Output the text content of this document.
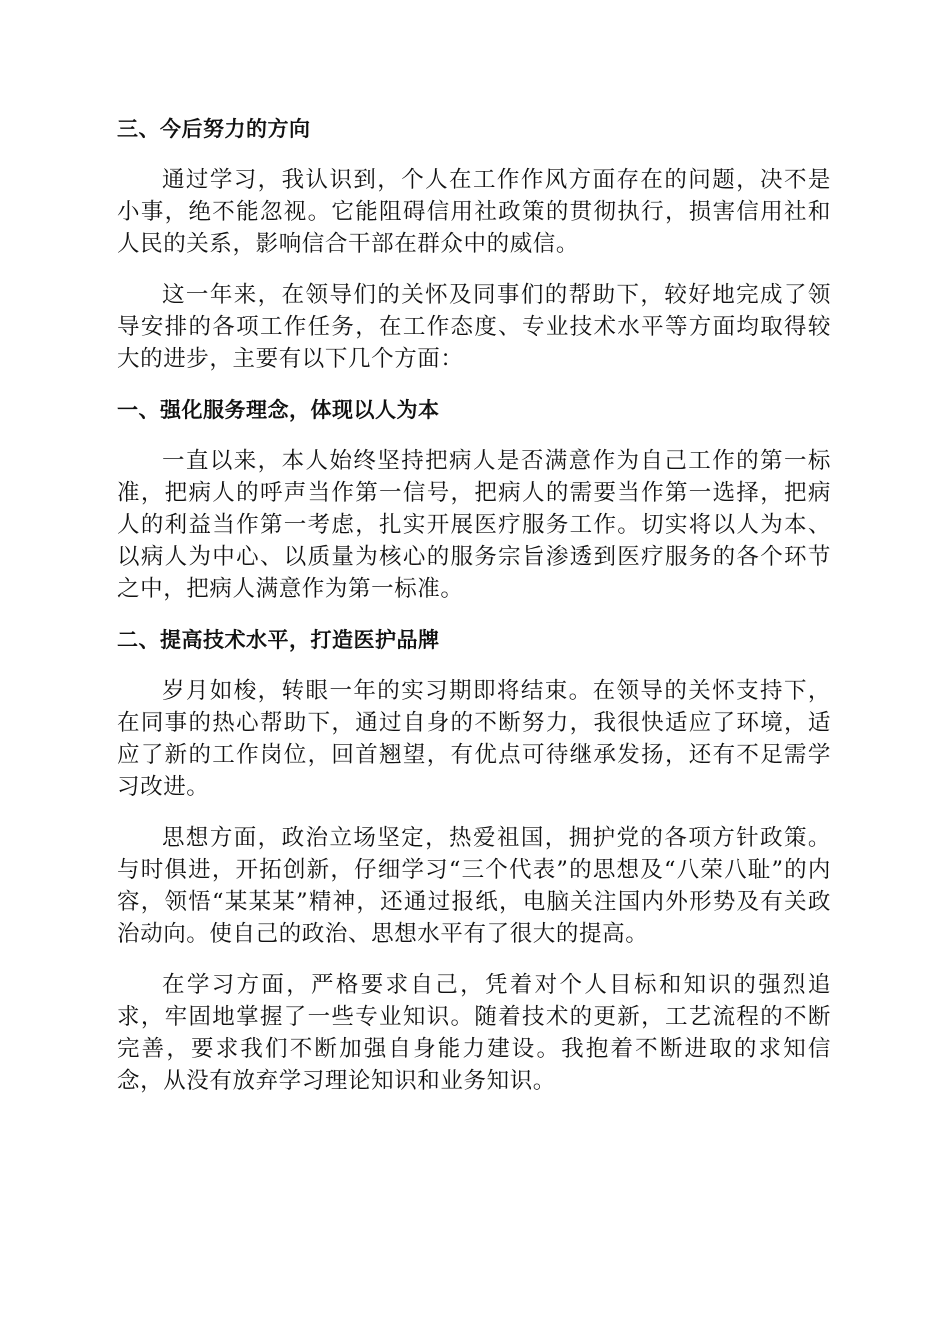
三、今后努力的方向

通过学习，我认识到，个人在工作作风方面存在的问题，决不是小事，绝不能忽视。它能阻碍信用社政策的贯彻执行，损害信用社和人民的关系，影响信合干部在群众中的威信。

这一年来，在领导们的关怀及同事们的帮助下，较好地完成了领导安排的各项工作任务，在工作态度、专业技术水平等方面均取得较大的进步，主要有以下几个方面：

一、强化服务理念，体现以人为本

一直以来，本人始终坚持把病人是否满意作为自己工作的第一标准，把病人的呼声当作第一信号，把病人的需要当作第一选择，把病人的利益当作第一考虑，扎实开展医疗服务工作。切实将以人为本、以病人为中心、以质量为核心的服务宗旨渗透到医疗服务的各个环节之中，把病人满意作为第一标准。

二、提高技术水平，打造医护品牌

岁月如梭，转眼一年的实习期即将结束。在领导的关怀支持下，在同事的热心帮助下，通过自身的不断努力，我很快适应了环境，适应了新的工作岗位，回首翘望，有优点可待继承发扬，还有不足需学习改进。

思想方面，政治立场坚定，热爱祖国，拥护党的各项方针政策。与时俱进，开拓创新，仔细学习“三个代表”的思想及“八荣八耻”的内容，领悟“某某某”精神，还通过报纸，电脑关注国内外形势及有关政治动向。使自己的政治、思想水平有了很大的提高。

在学习方面，严格要求自己，凭着对个人目标和知识的强烈追求，牢固地掌握了一些专业知识。随着技术的更新，工艺流程的不断完善，要求我们不断加强自身能力建设。我抱着不断进取的求知信念，从没有放弃学习理论知识和业务知识。
